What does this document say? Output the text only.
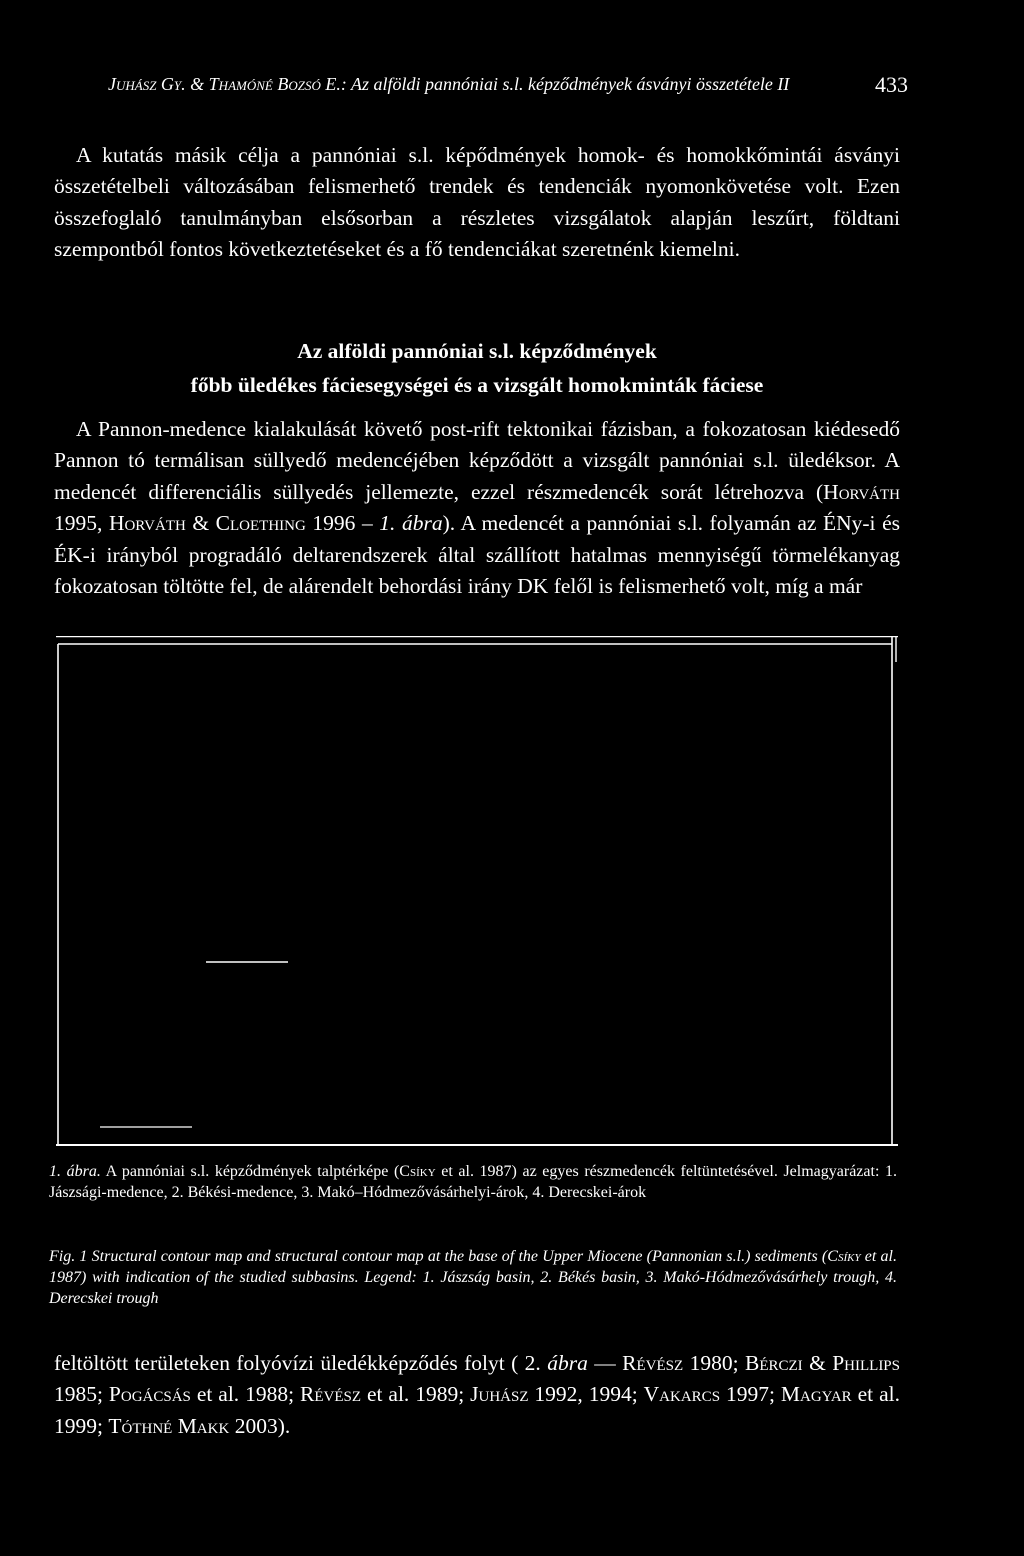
Juhász Gy. & Thamóné Bozsó E.: Az alföldi pannóniai s.l. képződmények ásványi összetétele II	433

A kutatás másik célja a pannóniai s.l. képődmények homok- és homokkőmintái ásványi összetételbeli változásában felismerhető trendek és tendenciák nyomonkövetése volt. Ezen összefoglaló tanulmányban elsősorban a részletes vizsgálatok alapján leszűrt, földtani szempontból fontos következtetéseket és a fő tendenciákat szeretnénk kiemelni.

Az alföldi pannóniai s.l. képződmények
főbb üledékes fáciesegységei és a vizsgált homokminták fáciese

A Pannon-medence kialakulását követő post-rift tektonikai fázisban, a fokozatosan kiédesedő Pannon tó termálisan süllyedő medencéjében képződött a vizsgált pannóniai s.l. üledéksor. A medencét differenciális süllyedés jellemezte, ezzel részmedencék sorát létrehozva (Horváth 1995, Horváth & Cloething 1996 – 1. ábra). A medencét a pannóniai s.l. folyamán az ÉNy-i és ÉK-i irányból progradáló deltarendszerek által szállított hatalmas mennyiségű törmelékanyag fokozatosan töltötte fel, de alárendelt behordási irány DK felől is felismerhető volt, míg a már

1. ábra. A pannóniai s.l. képződmények talptérképe (Csíky et al. 1987) az egyes részmedencék feltüntetésével. Jelmagyarázat: 1. Jászsági-medence, 2. Békési-medence, 3. Makó–Hódmezővásárhelyi-árok, 4. Derecskei-árok
Fig. 1 Structural contour map and structural contour map at the base of the Upper Miocene (Pannonian s.l.) sediments (Csíky et al. 1987) with indication of the studied subbasins. Legend: 1. Jászság basin, 2. Békés basin, 3. Makó-Hódmezővásárhely trough, 4. Derecskei trough

feltöltött területeken folyóvízi üledékképződés folyt ( 2. ábra — Révész 1980; Bérczi & Phillips 1985; Pogácsás et al. 1988; Révész et al. 1989; Juhász 1992, 1994; Vakarcs 1997; Magyar et al. 1999; Tóthné Makk 2003).
